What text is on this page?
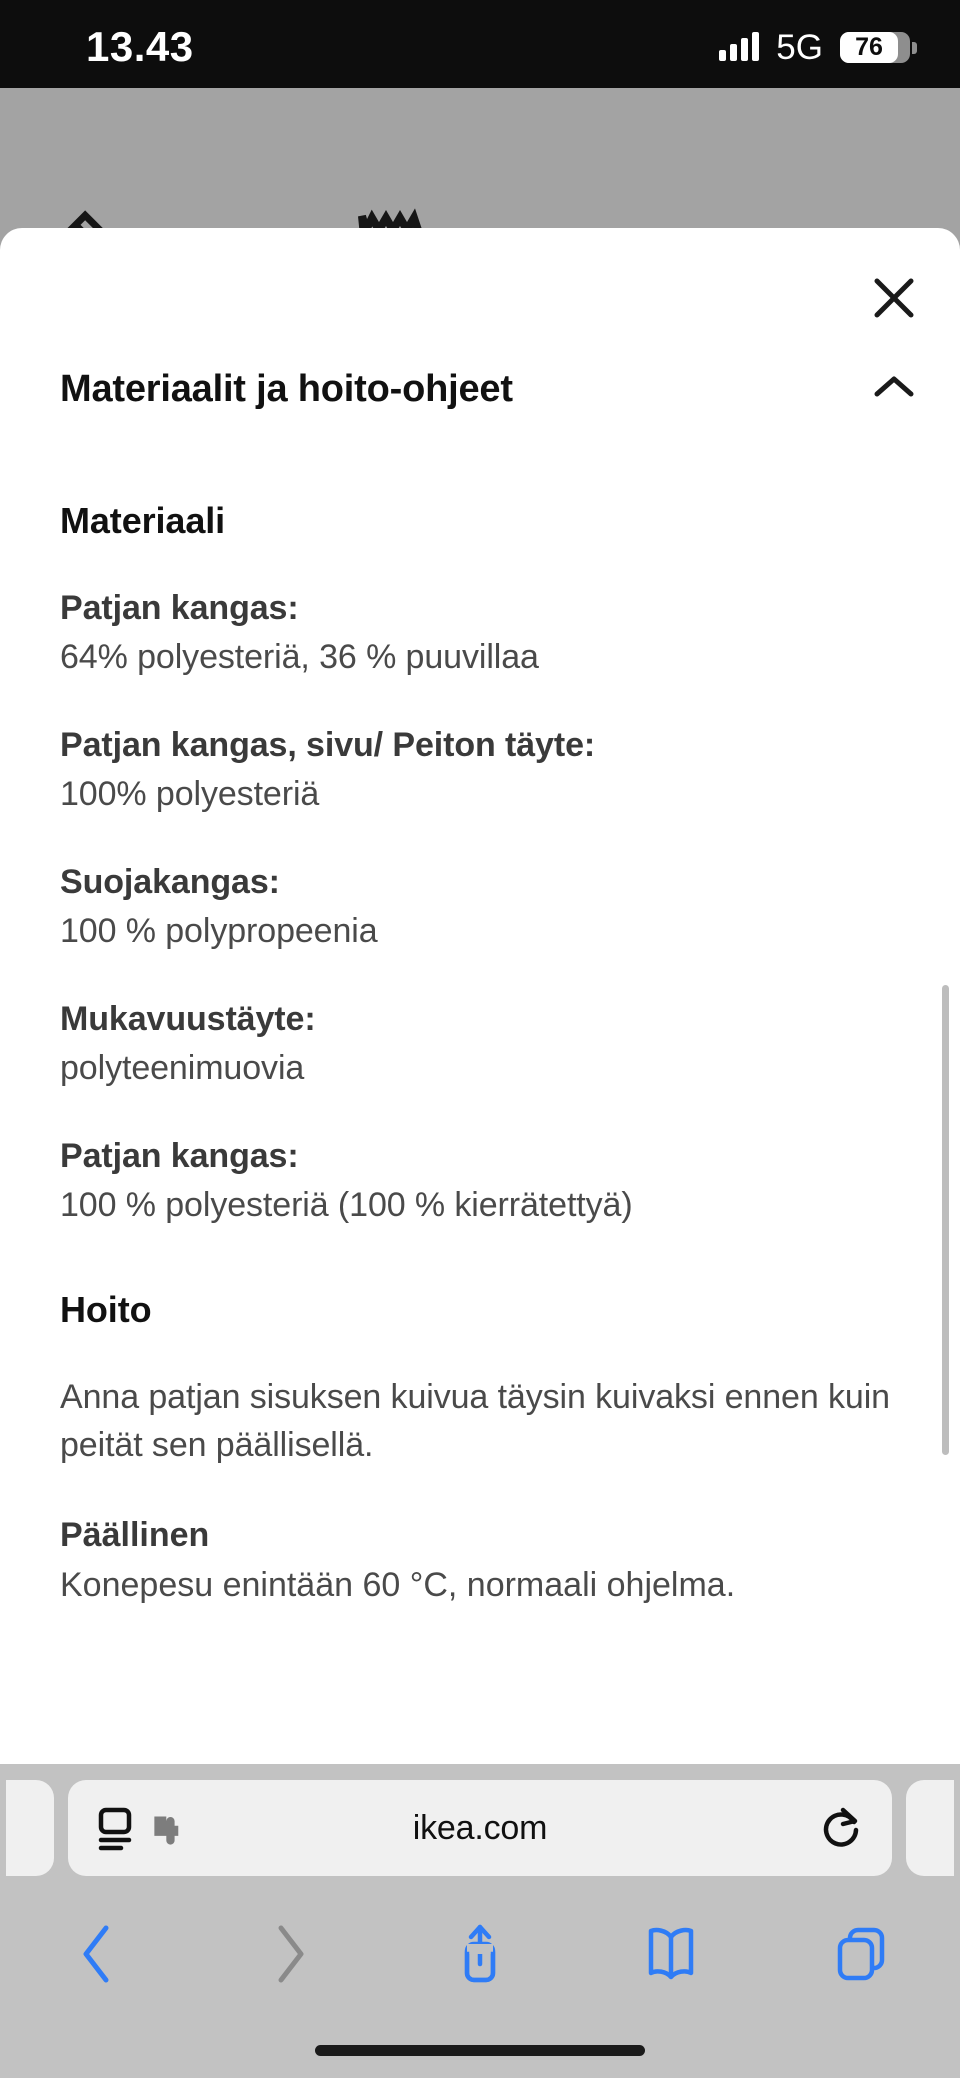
13.43	5G 76
Materiaalit ja hoito-ohjeet
Materiaali
Patjan kangas:
64% polyesteriä, 36 % puuvillaa
Patjan kangas, sivu/ Peiton täyte:
100% polyesteriä
Suojakangas:
100 % polypropeenia
Mukavuustäyte:
polyteenimuovia
Patjan kangas:
100 % polyesteriä (100 % kierrätettyä)
Hoito
Anna patjan sisuksen kuivua täysin kuivaksi ennen kuin peität sen päällisellä.
Päällinen
Konepesu enintään 60 °C, normaali ohjelma.
ikea.com
